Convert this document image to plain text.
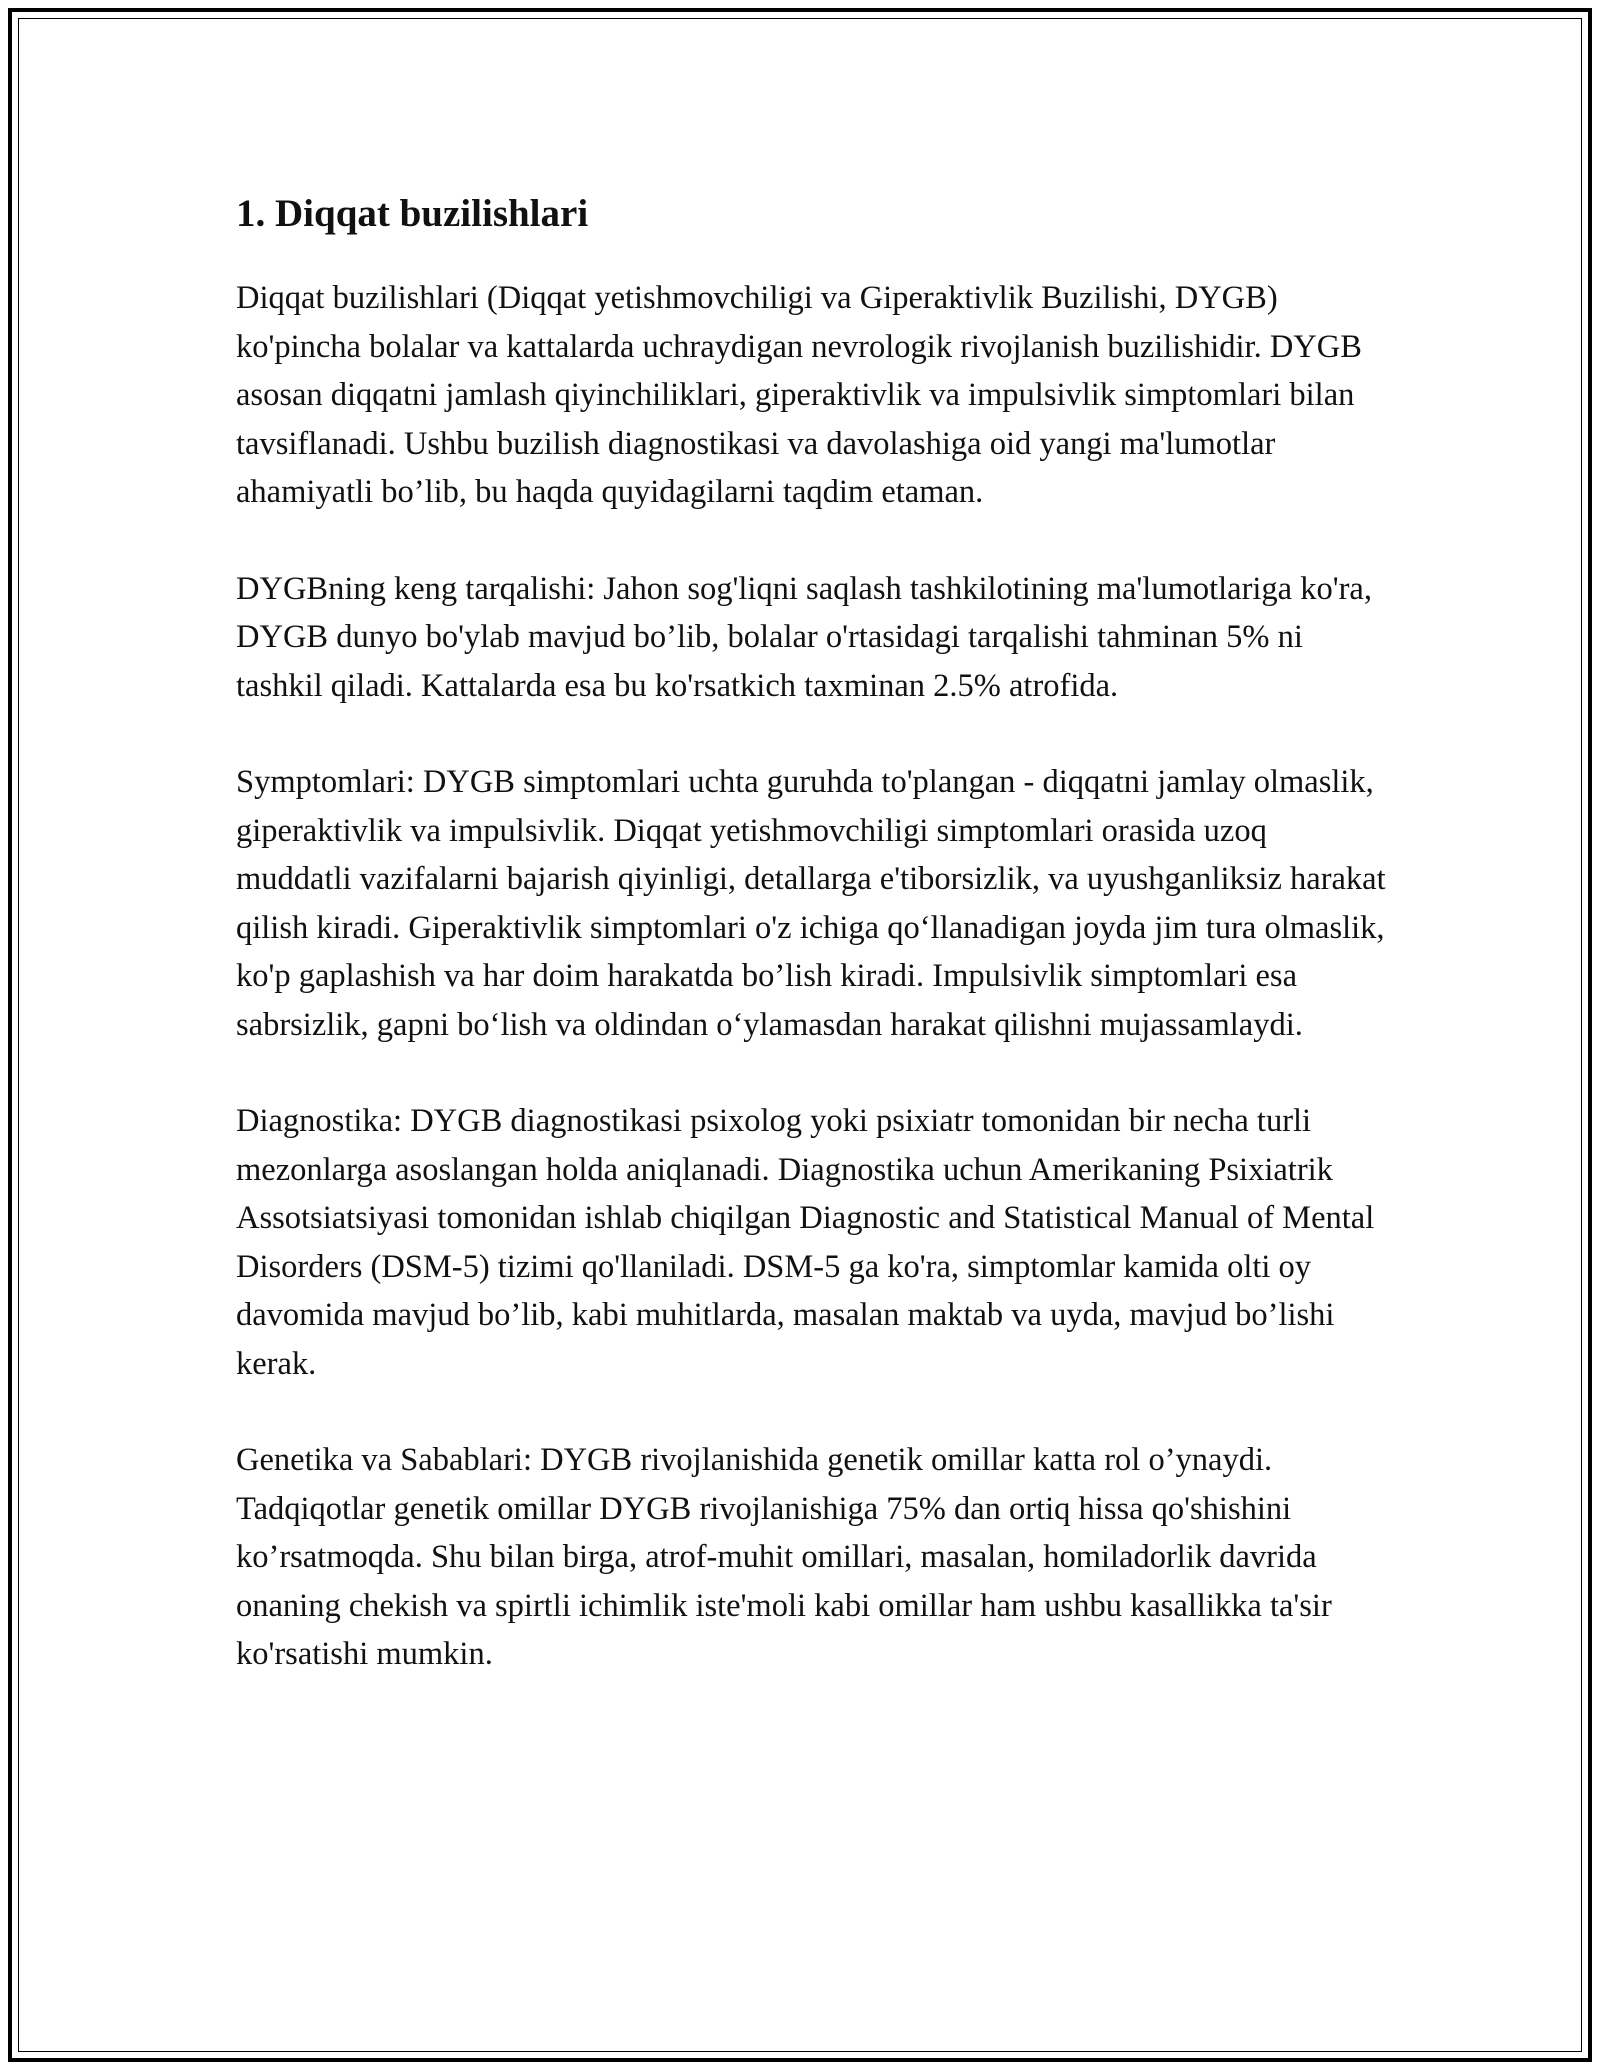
1. Diqqat buzilishlari

Diqqat buzilishlari (Diqqat yetishmovchiligi va Giperaktivlik Buzilishi, DYGB) ko'pincha bolalar va kattalarda uchraydigan nevrologik rivojlanish buzilishidir. DYGB asosan diqqatni jamlash qiyinchiliklari, giperaktivlik va impulsivlik simptomlari bilan tavsiflanadi. Ushbu buzilish diagnostikasi va davolashiga oid yangi ma'lumotlar ahamiyatli bo’lib, bu haqda quyidagilarni taqdim etaman.

DYGBning keng tarqalishi: Jahon sog'liqni saqlash tashkilotining ma'lumotlariga ko'ra, DYGB dunyo bo'ylab mavjud bo’lib, bolalar o'rtasidagi tarqalishi tahminan 5% ni tashkil qiladi. Kattalarda esa bu ko'rsatkich taxminan 2.5% atrofida.

Symptomlari: DYGB simptomlari uchta guruhda to'plangan - diqqatni jamlay olmaslik, giperaktivlik va impulsivlik. Diqqat yetishmovchiligi simptomlari orasida uzoq muddatli vazifalarni bajarish qiyinligi, detallarga e'tiborsizlik, va uyushganliksiz harakat qilish kiradi. Giperaktivlik simptomlari o'z ichiga qo‘llanadigan joyda jim tura olmaslik, ko'p gaplashish va har doim harakatda bo’lish kiradi. Impulsivlik simptomlari esa sabrsizlik, gapni bo‘lish va oldindan o‘ylamasdan harakat qilishni mujassamlaydi.

Diagnostika: DYGB diagnostikasi psixolog yoki psixiatr tomonidan bir necha turli mezonlarga asoslangan holda aniqlanadi. Diagnostika uchun Amerikaning Psixiatrik Assotsiatsiyasi tomonidan ishlab chiqilgan Diagnostic and Statistical Manual of Mental Disorders (DSM-5) tizimi qo'llaniladi. DSM-5 ga ko'ra, simptomlar kamida olti oy davomida mavjud bo’lib, kabi muhitlarda, masalan maktab va uyda, mavjud bo’lishi kerak.

Genetika va Sabablari: DYGB rivojlanishida genetik omillar katta rol o’ynaydi. Tadqiqotlar genetik omillar DYGB rivojlanishiga 75% dan ortiq hissa qo'shishini ko’rsatmoqda. Shu bilan birga, atrof-muhit omillari, masalan, homiladorlik davrida onaning chekish va spirtli ichimlik iste'moli kabi omillar ham ushbu kasallikka ta'sir ko'rsatishi mumkin.
